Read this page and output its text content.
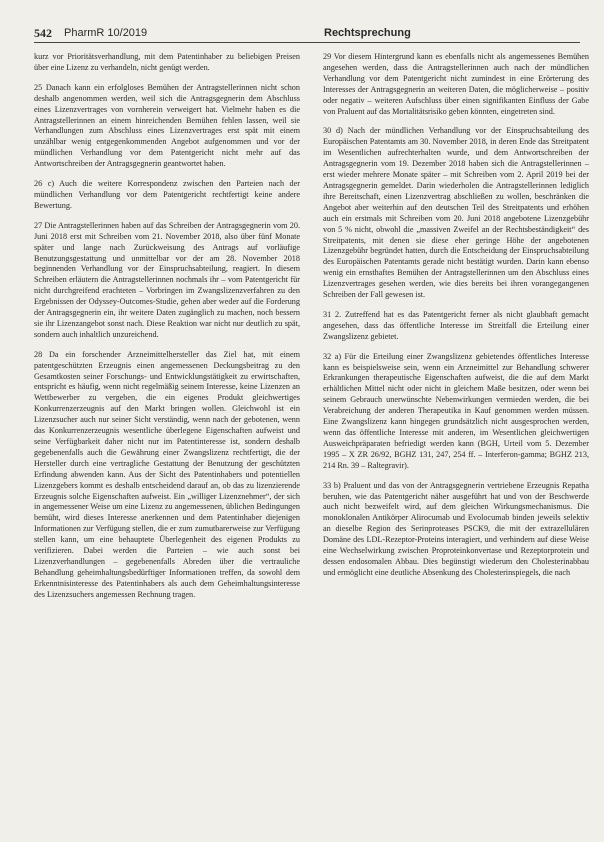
542 PharmR 10/2019	Rechtsprechung

kurz vor Prioritätsverhandlung, mit dem Patentinhaber zu beliebigen Preisen über eine Lizenz zu verhandeln, nicht genügt werden.

25 Danach kann ein erfolgloses Bemühen der Antragstellerinnen nicht schon deshalb angenommen werden, weil sich die Antragsgegnerin dem Abschluss eines Lizenzvertrages von vornherein verweigert hat. Vielmehr haben es die Antragstellerinnen an einem hinreichenden Bemühen fehlen lassen, weil sie Verhandlungen zum Abschluss eines Lizenzvertrages erst spät mit einem unzählbar wenig entgegenkommenden Angebot aufgenommen und vor der mündlichen Verhandlung vor dem Patentgericht nicht mehr auf das Antwortschreiben der Antragsgegnerin geantwortet haben.

26 c) Auch die weitere Korrespondenz zwischen den Parteien nach der mündlichen Verhandlung vor dem Patentgericht rechtfertigt keine andere Bewertung.

27 Die Antragstellerinnen haben auf das Schreiben der Antragsgegnerin vom 20. Juni 2018 erst mit Schreiben vom 21. November 2018, also über fünf Monate später und lange nach Zurückweisung des Antrags auf vorläufige Benutzungsgestattung und unmittelbar vor der am 28. November 2018 beginnenden Verhandlung vor der Einspruchsabteilung, reagiert. In diesem Schreiben erläutern die Antragstellerinnen nochmals ihr – vom Patentgericht für nicht durchgreifend erachteten – Vorbringen im Zwangslizenzverfahren zu den Ergebnissen der Odyssey-Outcomes-Studie, gehen aber weder auf die Forderung der Antragsgegnerin ein, ihr weitere Daten zugänglich zu machen, noch bessern sie ihr Lizenzangebot sonst nach. Diese Reaktion war nicht nur deutlich zu spät, sondern auch inhaltlich unzureichend.

28 Da ein forschender Arzneimittelhersteller das Ziel hat, mit einem patentgeschützten Erzeugnis einen angemessenen Deckungsbeitrag zu den Gesamtkosten seiner Forschungs- und Entwicklungstätigkeit zu erwirtschaften, entspricht es häufig, wenn nicht regelmäßig seinem Interesse, keine Lizenzen an Wettbewerber zu vergeben, die ein eigenes Produkt gleichwertiges Konkurrenzerzeugnis auf den Markt bringen wollen. Gleichwohl ist ein Lizenzsucher auch nur seiner Sicht verständig, wenn nach der gebotenen, wenn das Konkurrenzerzeugnis wesentliche überlegene Eigenschaften aufweist und seine Verfügbarkeit daher nicht nur im Patentinteresse ist, sondern deshalb gegebenenfalls auch die Gewährung einer Zwangslizenz rechtfertigt, die der Hersteller durch eine vertragliche Gestattung der Benutzung der geschützten Erfindung abwenden kann. Aus der Sicht des Patentinhabers und potentiellen Lizenzgebers kommt es deshalb entscheidend darauf an, ob das zu lizenzierende Erzeugnis solche Eigenschaften aufweist. Ein „williger Lizenznehmer“, der sich in angemessener Weise um eine Lizenz zu angemessenen, üblichen Bedingungen bemüht, wird dieses Interesse anerkennen und dem Patentinhaber diejenigen Informationen zur Verfügung stellen, die er zum zumutbarerweise zur Verfügung stellen kann, um eine behauptete Überlegenheit des eigenen Produkts zu verifizieren. Dabei werden die Parteien – wie auch sonst bei Lizenzverhandlungen – gegebenenfalls Abreden über die vertrauliche Behandlung geheimhaltungsbedürftiger Informationen treffen, da sowohl dem Erkenntnisinteresse des Patentinhabers als auch dem Geheimhaltungsinteresse des Lizenzsuchers angemessen Rechnung tragen.

29 Vor diesem Hintergrund kann es ebenfalls nicht als angemessenes Bemühen angesehen werden, dass die Antragstellerinnen auch nach der mündlichen Verhandlung vor dem Patentgericht nicht zumindest in eine Erörterung des Interesses der Antragsgegnerin an weiteren Daten, die möglicherweise – positiv oder negativ – weiteren Aufschluss über einen signifikanten Einfluss der Gabe von Praluent auf das Mortalitätsrisiko geben könnten, eingetreten sind.

30 d) Nach der mündlichen Verhandlung vor der Einspruchsabteilung des Europäischen Patentamts am 30. November 2018, in deren Ende das Streitpatent im Wesentlichen aufrechterhalten wurde, und dem Antwortschreiben der Antragsgegnerin vom 19. Dezember 2018 haben sich die Antragstellerinnen – erst wieder mehrere Monate später – mit Schreiben vom 2. April 2019 bei der Antragsgegnerin gemeldet. Darin wiederholen die Antragstellerinnen lediglich ihre Bereitschaft, einen Lizenzvertrag abschließen zu wollen, beschränken die Angebot aber weiterhin auf den deutschen Teil des Streitpatents und erhöhen auch ein erstmals mit Schreiben vom 20. Juni 2018 angebotene Lizenzgebühr von 5 % nicht, obwohl die „massiven Zweifel an der Rechtsbeständigkeit“ des Streitpatents, mit denen sie diese eher geringe Höhe der angebotenen Lizenzgebühr begründet hatten, durch die Entscheidung der Einspruchsabteilung des Europäischen Patentamts gerade nicht bestätigt wurden. Darin kann ebenso wenig ein ernsthaftes Bemühen der Antragstellerinnen um den Abschluss eines Lizenzvertrages gesehen werden, wie dies bereits bei ihren vorangegangenen Schreiben der Fall gewesen ist.

31 2. Zutreffend hat es das Patentgericht ferner als nicht glaubhaft gemacht angesehen, dass das öffentliche Interesse im Streitfall die Erteilung einer Zwangslizenz gebietet.

32 a) Für die Erteilung einer Zwangslizenz gebietendes öffentliches Interesse kann es beispielsweise sein, wenn ein Arzneimittel zur Behandlung schwerer Erkrankungen therapeutische Eigenschaften aufweist, die die auf dem Markt erhältlichen Mittel nicht oder nicht in gleichem Maße besitzen, oder wenn bei seinem Gebrauch unerwünschte Nebenwirkungen vermieden werden, die bei Verabreichung der anderen Therapeutika in Kauf genommen werden müssen. Eine Zwangslizenz kann hingegen grundsätzlich nicht ausgesprochen werden, wenn das öffentliche Interesse mit anderen, im Wesentlichen gleichwertigen Ausweichpräparaten befriedigt werden kann (BGH, Urteil vom 5. Dezember 1995 – X ZR 26/92, BGHZ 131, 247, 254 ff. – Interferon-gamma; BGHZ 213, 214 Rn. 39 – Raltegravir).

33 b) Praluent und das von der Antragsgegnerin vertriebene Erzeugnis Repatha beruhen, wie das Patentgericht näher ausgeführt hat und von der Beschwerde auch nicht bezweifelt wird, auf dem gleichen Wirkungsmechanismus. Die monoklonalen Antikörper Alirocumab und Evolocumab binden jeweils selektiv an dieselbe Region des Serinproteases PSCK9, die mit der extrazellulären Domäne des LDL-Rezeptor-Proteins interagiert, und verhindern auf diese Weise eine Wechselwirkung zwischen Proproteinkonvertase und Rezeptorprotein und dessen endosomalen Abbau. Dies begünstigt wiederum den Cholesterinabbau und ermöglicht eine deutliche Absenkung des Cholesterinspiegels, die nach
